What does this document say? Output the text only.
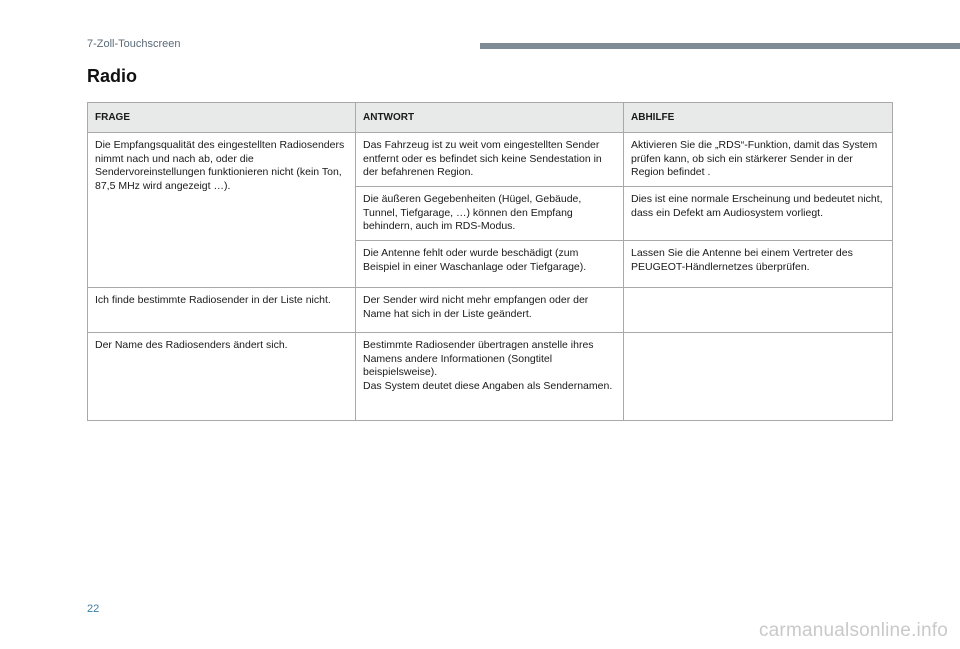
7-Zoll-Touchscreen
Radio
FRAGE	ANTWORT	ABHILFE
Die Empfangsqualität des eingestellten Radiosenders nimmt nach und nach ab, oder die Sendervoreinstellungen funktionieren nicht (kein Ton, 87,5 MHz wird angezeigt …).	Das Fahrzeug ist zu weit vom eingestellten Sender entfernt oder es befindet sich keine Sendestation in der befahrenen Region.	Aktivieren Sie die „RDS“-Funktion, damit das System prüfen kann, ob sich ein stärkerer Sender in der Region befindet .
	Die äußeren Gegebenheiten (Hügel, Gebäude, Tunnel, Tiefgarage, …) können den Empfang behindern, auch im RDS-Modus.	Dies ist eine normale Erscheinung und bedeutet nicht, dass ein Defekt am Audiosystem vorliegt.
	Die Antenne fehlt oder wurde beschädigt (zum Beispiel in einer Waschanlage oder Tiefgarage).	Lassen Sie die Antenne bei einem Vertreter des PEUGEOT-Händlernetzes überprüfen.
Ich finde bestimmte Radiosender in der Liste nicht.	Der Sender wird nicht mehr empfangen oder der Name hat sich in der Liste geändert.	
Der Name des Radiosenders ändert sich.	Bestimmte Radiosender übertragen anstelle ihres Namens andere Informationen (Songtitel beispielsweise).
Das System deutet diese Angaben als Sendernamen.	

22
carmanualsonline.info
